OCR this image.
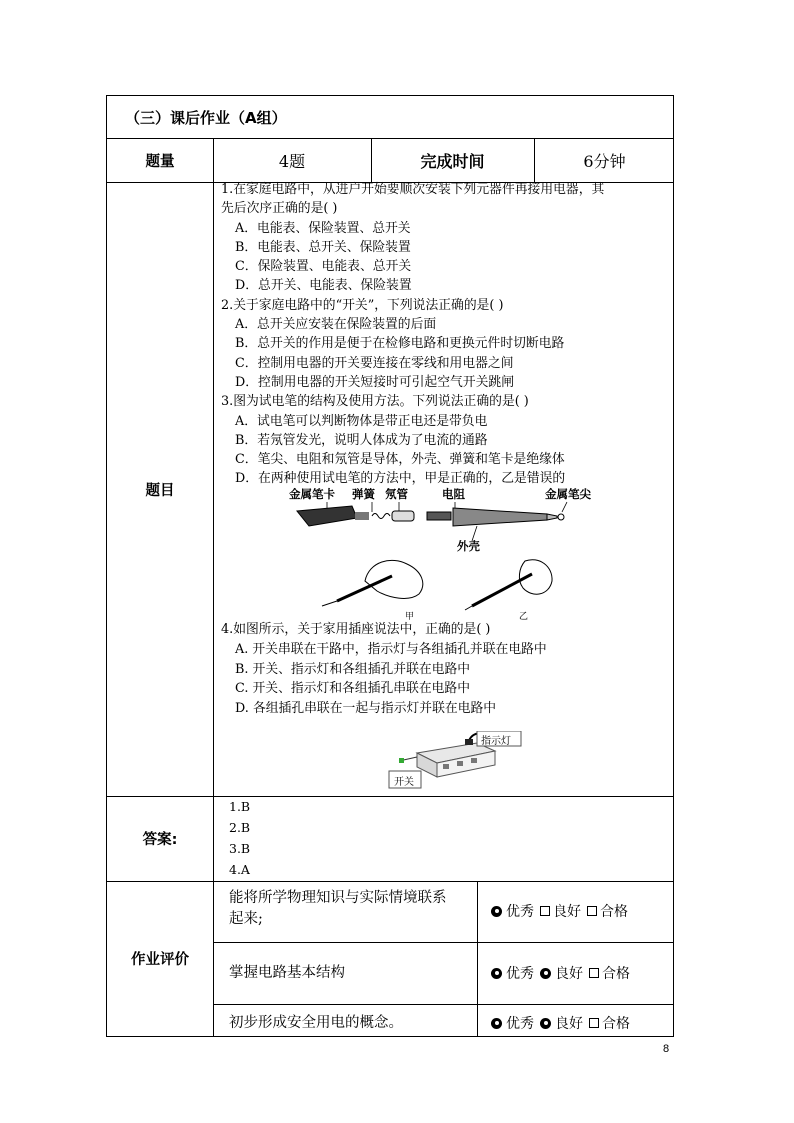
（三）课后作业（A组）
题量	4题	完成时间	6分钟
题目
1.在家庭电路中，从进户开始要顺次安装下列元器件再接用电器，其
先后次序正确的是( )
A．电能表、保险装置、总开关
B．电能表、总开关、保险装置
C．保险装置、电能表、总开关
D．总开关、电能表、保险装置
2.关于家庭电路中的“开关”，下列说法正确的是( )
A．总开关应安装在保险装置的后面
B．总开关的作用是便于在检修电路和更换元件时切断电路
C．控制用电器的开关要连接在零线和用电器之间
D．控制用电器的开关短接时可引起空气开关跳闸
3.图为试电笔的结构及使用方法。下列说法正确的是( )
A．试电笔可以判断物体是带正电还是带负电
B．若氖管发光，说明人体成为了电流的通路
C．笔尖、电阻和氖管是导体，外壳、弹簧和笔卡是绝缘体
D．在两种使用试电笔的方法中，甲是正确的，乙是错误的
金属笔卡 弹簧 氖管	电阻	金属笔尖
外壳
甲	乙
4.如图所示，关于家用插座说法中，正确的是( )
A. 开关串联在干路中，指示灯与各组插孔并联在电路中
B. 开关、指示灯和各组插孔并联在电路中
C. 开关、指示灯和各组插孔串联在电路中
D. 各组插孔串联在一起与指示灯并联在电路中
指示灯
开关
答案:
1.B
2.B
3.B
4.A
作业评价
能将所学物理知识与实际情境联系
起来;	优秀 良好 合格
掌握电路基本结构	优秀 良好 合格
初步形成安全用电的概念。	优秀 良好 合格
8
